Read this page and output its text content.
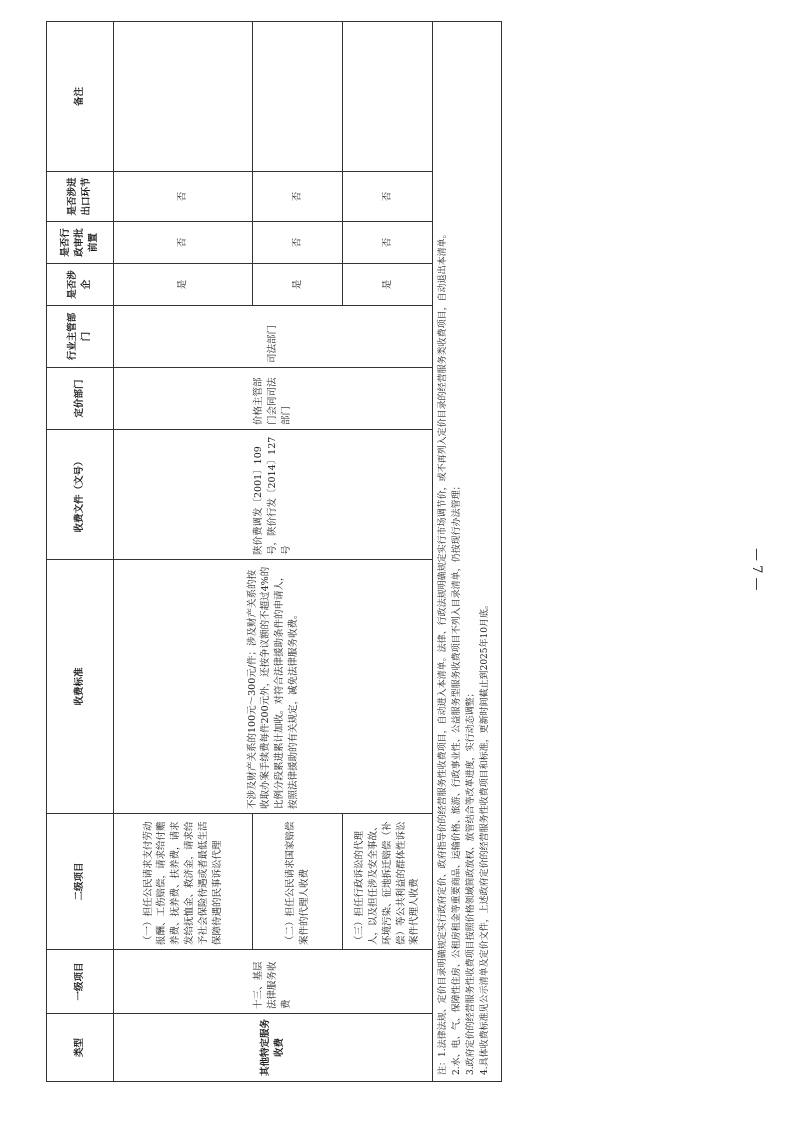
类型	一级项目	二级项目	收费标准	收费文件（文号）	定价部门	行业主管部门	是否涉企	是否行政审批前置	是否涉进出口环节	备注
其他特定服务收费	十三、基层法律服务收费	（一）担任公民请求支付劳动报酬、工伤赔偿，请求给付赡养费、抚养费、扶养费，请求发给抚恤金、救济金，请求给予社会保险待遇或者最低生活保障待遇的民事诉讼代理	不涉及财产关系的100元～300元/件；涉及财产关系的按收取办案手续费每件200元外，还按争议额的不超过4%的比例分段累进累计加收。对符合法律援助条件的申请人，按照法律援助的有关规定，减免法律服务收费。	陕价费调发〔2001〕109号，陕价行发〔2014〕127号	价格主管部门会同司法部门	司法部门	是	否	否	
		（二）担任公民请求国家赔偿案件的代理人收费					是	否	否	
		（三）担任行政诉讼的代理人，以及担任涉及安全事故、环境污染、征地拆迁赔偿（补偿）等公共利益的群体性诉讼案件代理人收费					是	否	否	

注：1.法律法规、定价目录明确规定实行政府定价、政府指导价的经营服务性收费项目，自动进入本清单。法律、行政法规明确规定实行市场调节价，或不再列入定价目录的经营服务类收费项目，自动退出本清单。 2.水、电、气、保障性住房、公租房租金等重要商品、运输价格、旅游、行政事业性、公益服务型服务收费项目不列入目录清单，仍按现行办法管理； 3.政府定价的经营服务性收费项目按照价格领域简政放权、放管结合等改革进度，实行动态调整； 4.具体收费标准见公示清单及定价文件，上述政府定价的经营服务性收费项目和标准，更新时间截止到2025年10月底。										
— 7 —
